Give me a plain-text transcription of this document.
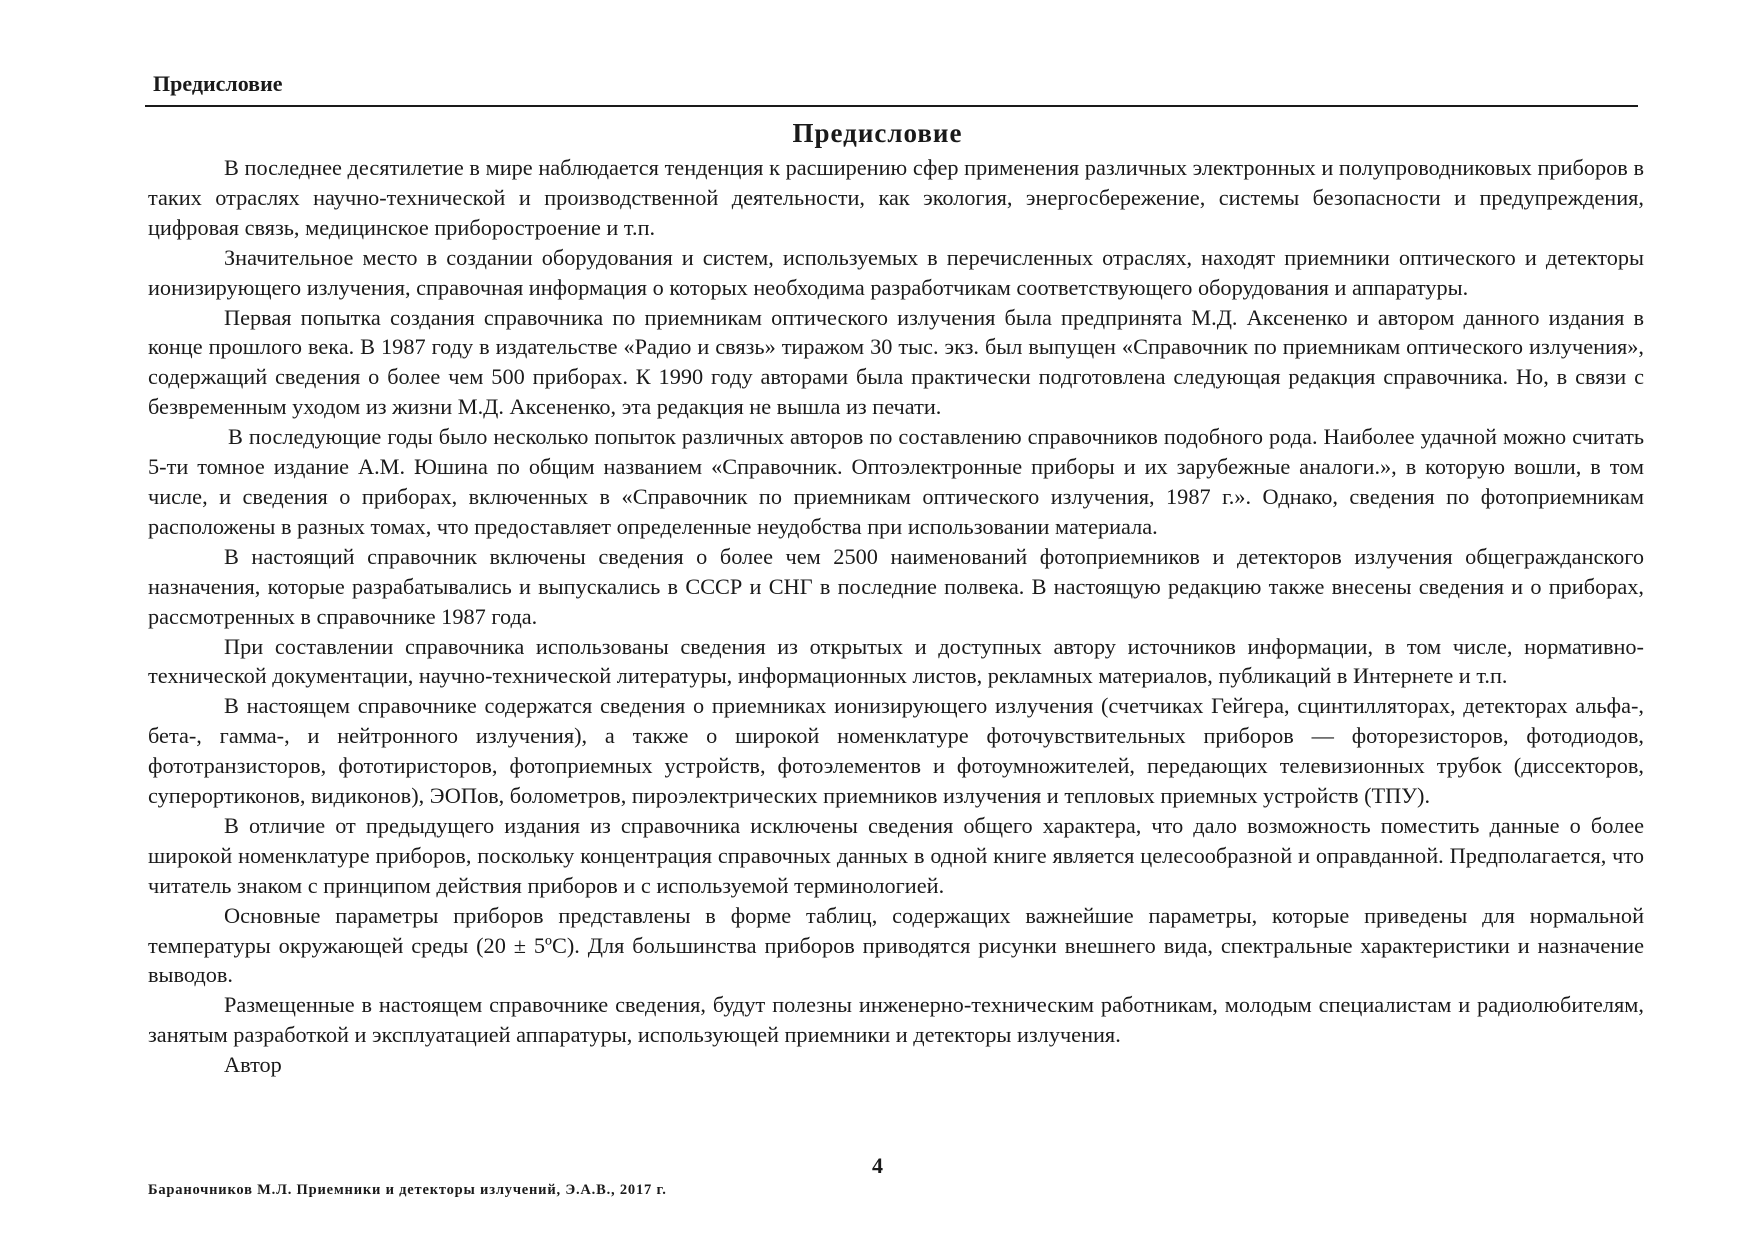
Предисловие
Предисловие

В последнее десятилетие в мире наблюдается тенденция к расширению сфер применения различных электронных и полупроводниковых приборов в таких отраслях научно-технической и производственной деятельности, как экология, энергосбережение, системы безопасности и предупреждения, цифровая связь, медицинское приборостроение и т.п.

Значительное место в создании оборудования и систем, используемых в перечисленных отраслях, находят приемники оптического и детекторы ионизирующего излучения, справочная информация о которых необходима разработчикам соответствующего оборудования и аппаратуры.

Первая попытка создания справочника по приемникам оптического излучения была предпринята М.Д. Аксененко и автором данного издания в конце прошлого века. В 1987 году в издательстве «Радио и связь» тиражом 30 тыс. экз. был выпущен «Справочник по приемникам оптического излучения», содержащий сведения о более чем 500 приборах. К 1990 году авторами была практически подготовлена следующая редакция справочника. Но, в связи с безвременным уходом из жизни М.Д. Аксененко, эта редакция не вышла из печати.

В последующие годы было несколько попыток различных авторов по составлению справочников подобного рода. Наиболее удачной можно считать 5-ти томное издание А.М. Юшина по общим названием «Справочник. Оптоэлектронные приборы и их зарубежные аналоги.», в которую вошли, в том числе, и сведения о приборах, включенных в «Справочник по приемникам оптического излучения, 1987 г.». Однако, сведения по фотоприемникам расположены в разных томах, что предоставляет определенные неудобства при использовании материала.

В настоящий справочник включены сведения о более чем 2500 наименований фотоприемников и детекторов излучения общегражданского назначения, которые разрабатывались и выпускались в СССР и СНГ в последние полвека. В настоящую редакцию также внесены сведения и о приборах, рассмотренных в справочнике 1987 года.

При составлении справочника использованы сведения из открытых и доступных автору источников информации, в том числе, нормативно-технической документации, научно-технической литературы, информационных листов, рекламных материалов, публикаций в Интернете и т.п.

В настоящем справочнике содержатся сведения о приемниках ионизирующего излучения (счетчиках Гейгера, сцинтилляторах, детекторах альфа-, бета-, гамма-, и нейтронного излучения), а также о широкой номенклатуре фоточувствительных приборов — фоторезисторов, фотодиодов, фототранзисторов, фототиристоров, фотоприемных устройств, фотоэлементов и фотоумножителей, передающих телевизионных трубок (диссекторов, суперортиконов, видиконов), ЭОПов, болометров, пироэлектрических приемников излучения и тепловых приемных устройств (ТПУ).

В отличие от предыдущего издания из справочника исключены сведения общего характера, что дало возможность поместить данные о более широкой номенклатуре приборов, поскольку концентрация справочных данных в одной книге является целесообразной и оправданной. Предполагается, что читатель знаком с принципом действия приборов и с используемой терминологией.

Основные параметры приборов представлены в форме таблиц, содержащих важнейшие параметры, которые приведены для нормальной температуры окружающей среды (20 ± 5ºС). Для большинства приборов приводятся рисунки внешнего вида, спектральные характеристики и назначение выводов.

Размещенные в настоящем справочнике сведения, будут полезны инженерно-техническим работникам, молодым специалистам и радиолюбителям, занятым разработкой и эксплуатацией аппаратуры, использующей приемники и детекторы излучения.

Автор

4
Бараночников М.Л. Приемники и детекторы излучений, Э.А.В., 2017 г.
